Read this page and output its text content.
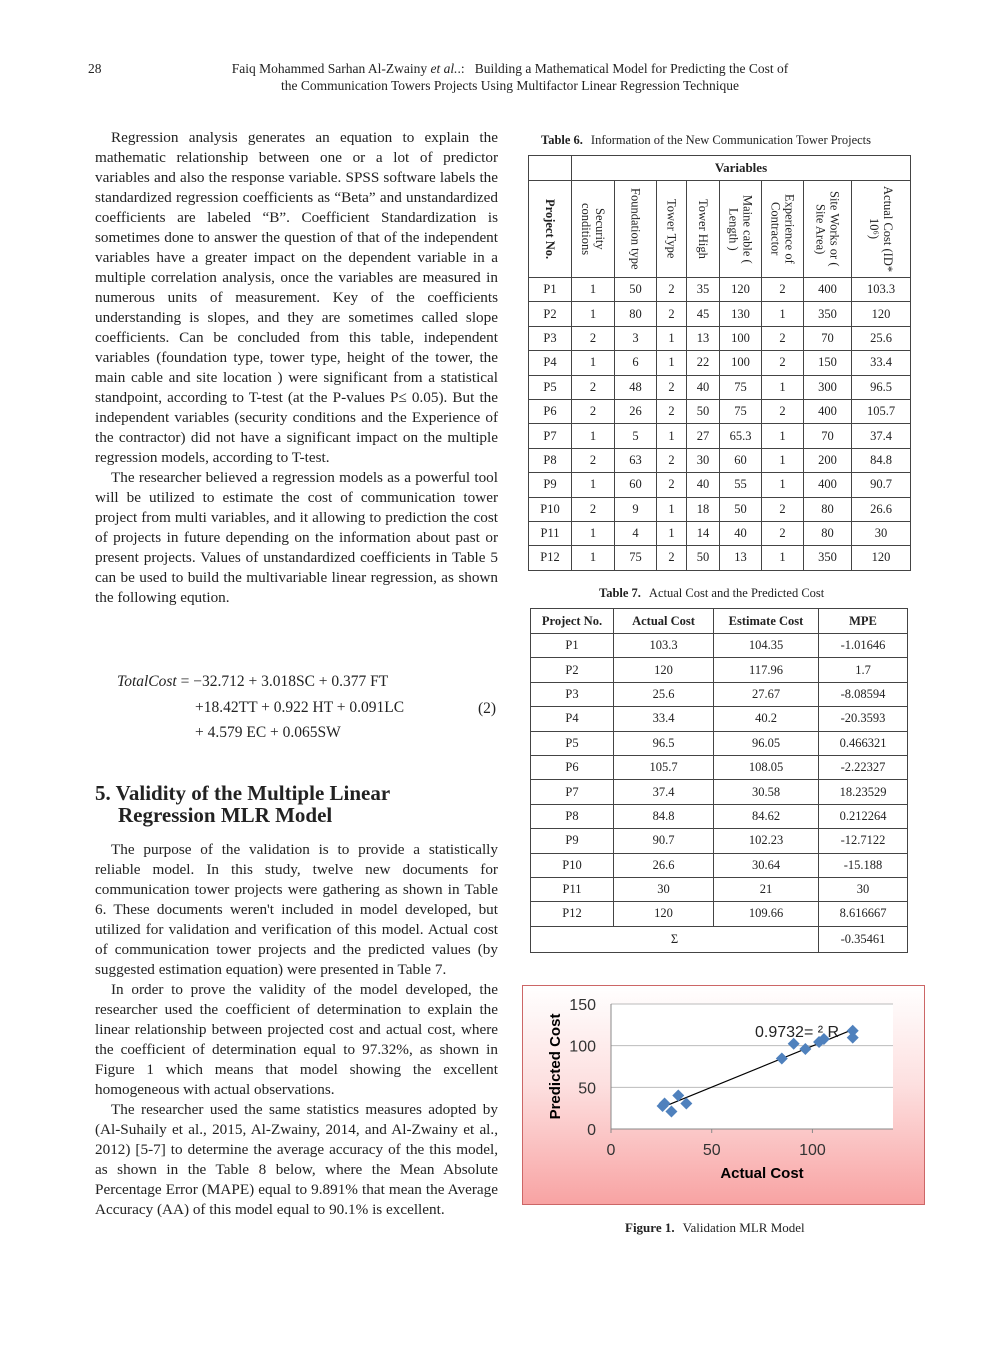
28	Faiq Mohammed Sarhan Al-Zwainy et al..:   Building a Mathematical Model for Predicting the Cost of
the Communication Towers Projects Using Multifactor Linear Regression Technique

Regression analysis generates an equation to explain the mathematic relationship between one or a lot of predictor variables and also the response variable. SPSS software labels the standardized regression coefficients as “Beta” and unstandardized coefficients are labeled “B”. Coefficient Standardization is sometimes done to answer the question of that of the independent variables have a greater impact on the dependent variable in a multiple correlation analysis, once the variables are measured in numerous units of measurement. Key of the coefficients understanding is slopes, and they are sometimes called slope coefficients. Can be concluded from this table, independent variables (foundation type, tower type, height of the tower, the main cable and site location ) were significant from a statistical standpoint, according to T-test (at the P-values P≤ 0.05). But the independent variables (security conditions and the Experience of the contractor) did not have a significant impact on the multiple regression models, according to T-test.

The researcher believed a regression models as a powerful tool will be utilized to estimate the cost of communication tower project from multi variables, and it allowing to prediction the cost of projects in future depending on the information about past or present projects. Values of unstandardized coefficients in Table 5 can be used to build the multivariable linear regression, as shown the following eqution.

TotalCost = −32.712 + 3.018SC + 0.377 FT
+18.42TT + 0.922 HT + 0.091LC
+ 4.579 EC + 0.065SW
(2)
5. Validity of the Multiple Linear
Regression MLR Model

The purpose of the validation is to provide a statistically reliable model. In this study, twelve new documents for communication tower projects were gathering as shown in Table 6. These documents weren't included in model developed, but utilized for validation and verification of this model. Actual cost of communication tower projects and the predicted values (by suggested estimation equation) were presented in Table 7.

In order to prove the validity of the model developed, the researcher used the coefficient of determination to explain the linear relationship between projected cost and actual cost, where the coefficient of determination equal to 97.32%, as shown in Figure 1 which means that model showing the excellent homogeneous with actual observations.

The researcher used the same statistics measures adopted by (Al-Suhaily et al., 2015, Al-Zwainy, 2014, and Al-Zwainy et al., 2012) [5-7] to determine the average accuracy of the this model, as shown in the Table 8 below, where the Mean Absolute Percentage Error (MAPE) equal to 9.891% that mean the Average Accuracy (AA) of this model equal to 90.1% is excellent.

Table 6. Information of the New Communication Tower Projects
	Variables							

Project No.	Security conditions	Foundation type	Tower Type	Tower High	Maine cable ( Length )	Experience of Contractor	Site Works or ( Site Area)	Actual Cost (ID* 10⁶)

P1	1	50	2	35	120	2	400	103.3
P2	1	80	2	45	130	1	350	120
P3	2	3	1	13	100	2	70	25.6
P4	1	6	1	22	100	2	150	33.4
P5	2	48	2	40	75	1	300	96.5
P6	2	26	2	50	75	2	400	105.7
P7	1	5	1	27	65.3	1	70	37.4
P8	2	63	2	30	60	1	200	84.8
P9	1	60	2	40	55	1	400	90.7
P10	2	9	1	18	50	2	80	26.6
P11	1	4	1	14	40	2	80	30
P12	1	75	2	50	13	1	350	120
Table 7. Actual Cost and the Predicted Cost
Project No.	Actual Cost	Estimate Cost	MPE
P1	103.3	104.35	-1.01646
P2	120	117.96	1.7
P3	25.6	27.67	-8.08594
P4	33.4	40.2	-20.3593
P5	96.5	96.05	0.466321
P6	105.7	108.05	-2.22327
P7	37.4	30.58	18.23529
P8	84.8	84.62	0.212264
P9	90.7	102.23	-12.7122
P10	26.6	30.64	-15.188
P11	30	21	30
P12	120	109.66	8.616667
Σ			-0.35461
0
50
100
150
0	50	100
0.9732= ² R
Actual Cost
Predicted Cost
Figure 1. Validation MLR Model
